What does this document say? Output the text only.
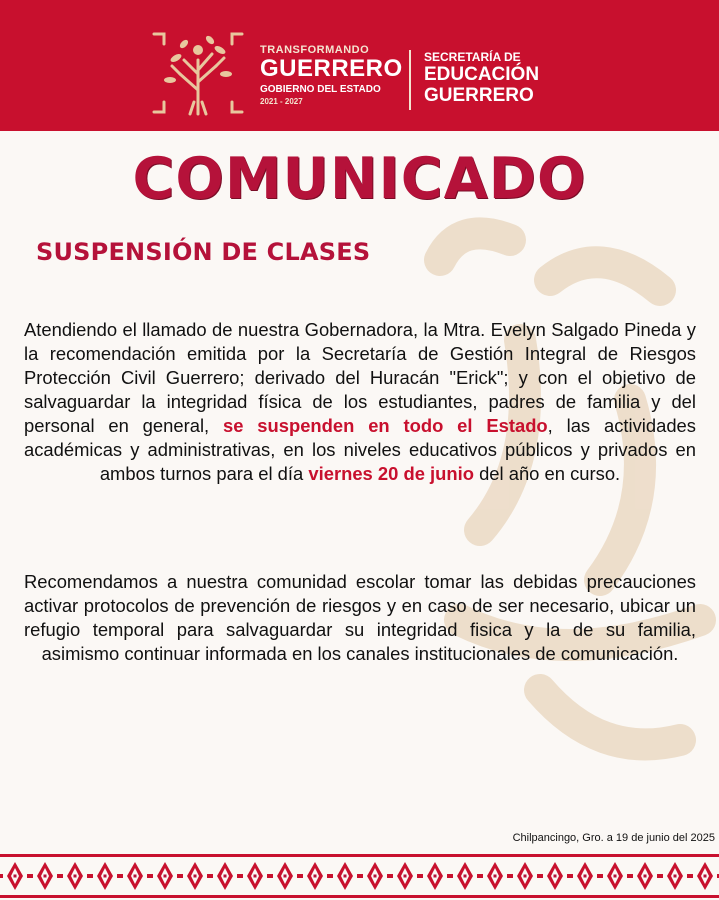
TRANSFORMANDO
GUERRERO
GOBIERNO DEL ESTADO
2021 - 2027
SECRETARÍA DE
EDUCACIÓN
GUERRERO
COMUNICADO
SUSPENSIÓN DE CLASES
Atendiendo el llamado de nuestra Gobernadora, la Mtra. Evelyn Salgado Pineda y la recomendación emitida por la Secretaría de Gestión Integral de Riesgos Protección Civil Guerrero; derivado del Huracán "Erick"; y con el objetivo de salvaguardar la integridad física de los estudiantes, padres de familia y del personal en general, se suspenden en todo el Estado, las actividades académicas y administrativas, en los niveles educativos públicos y privados en ambos turnos para el día viernes 20 de junio del año en curso.
Recomendamos a nuestra comunidad escolar tomar las debidas precauciones activar protocolos de prevención de riesgos y en caso de ser necesario, ubicar un refugio temporal para salvaguardar su integridad fisica y la de su familia, asimismo continuar informada en los canales institucionales de comunicación.
Chilpancingo, Gro. a 19 de junio del 2025
